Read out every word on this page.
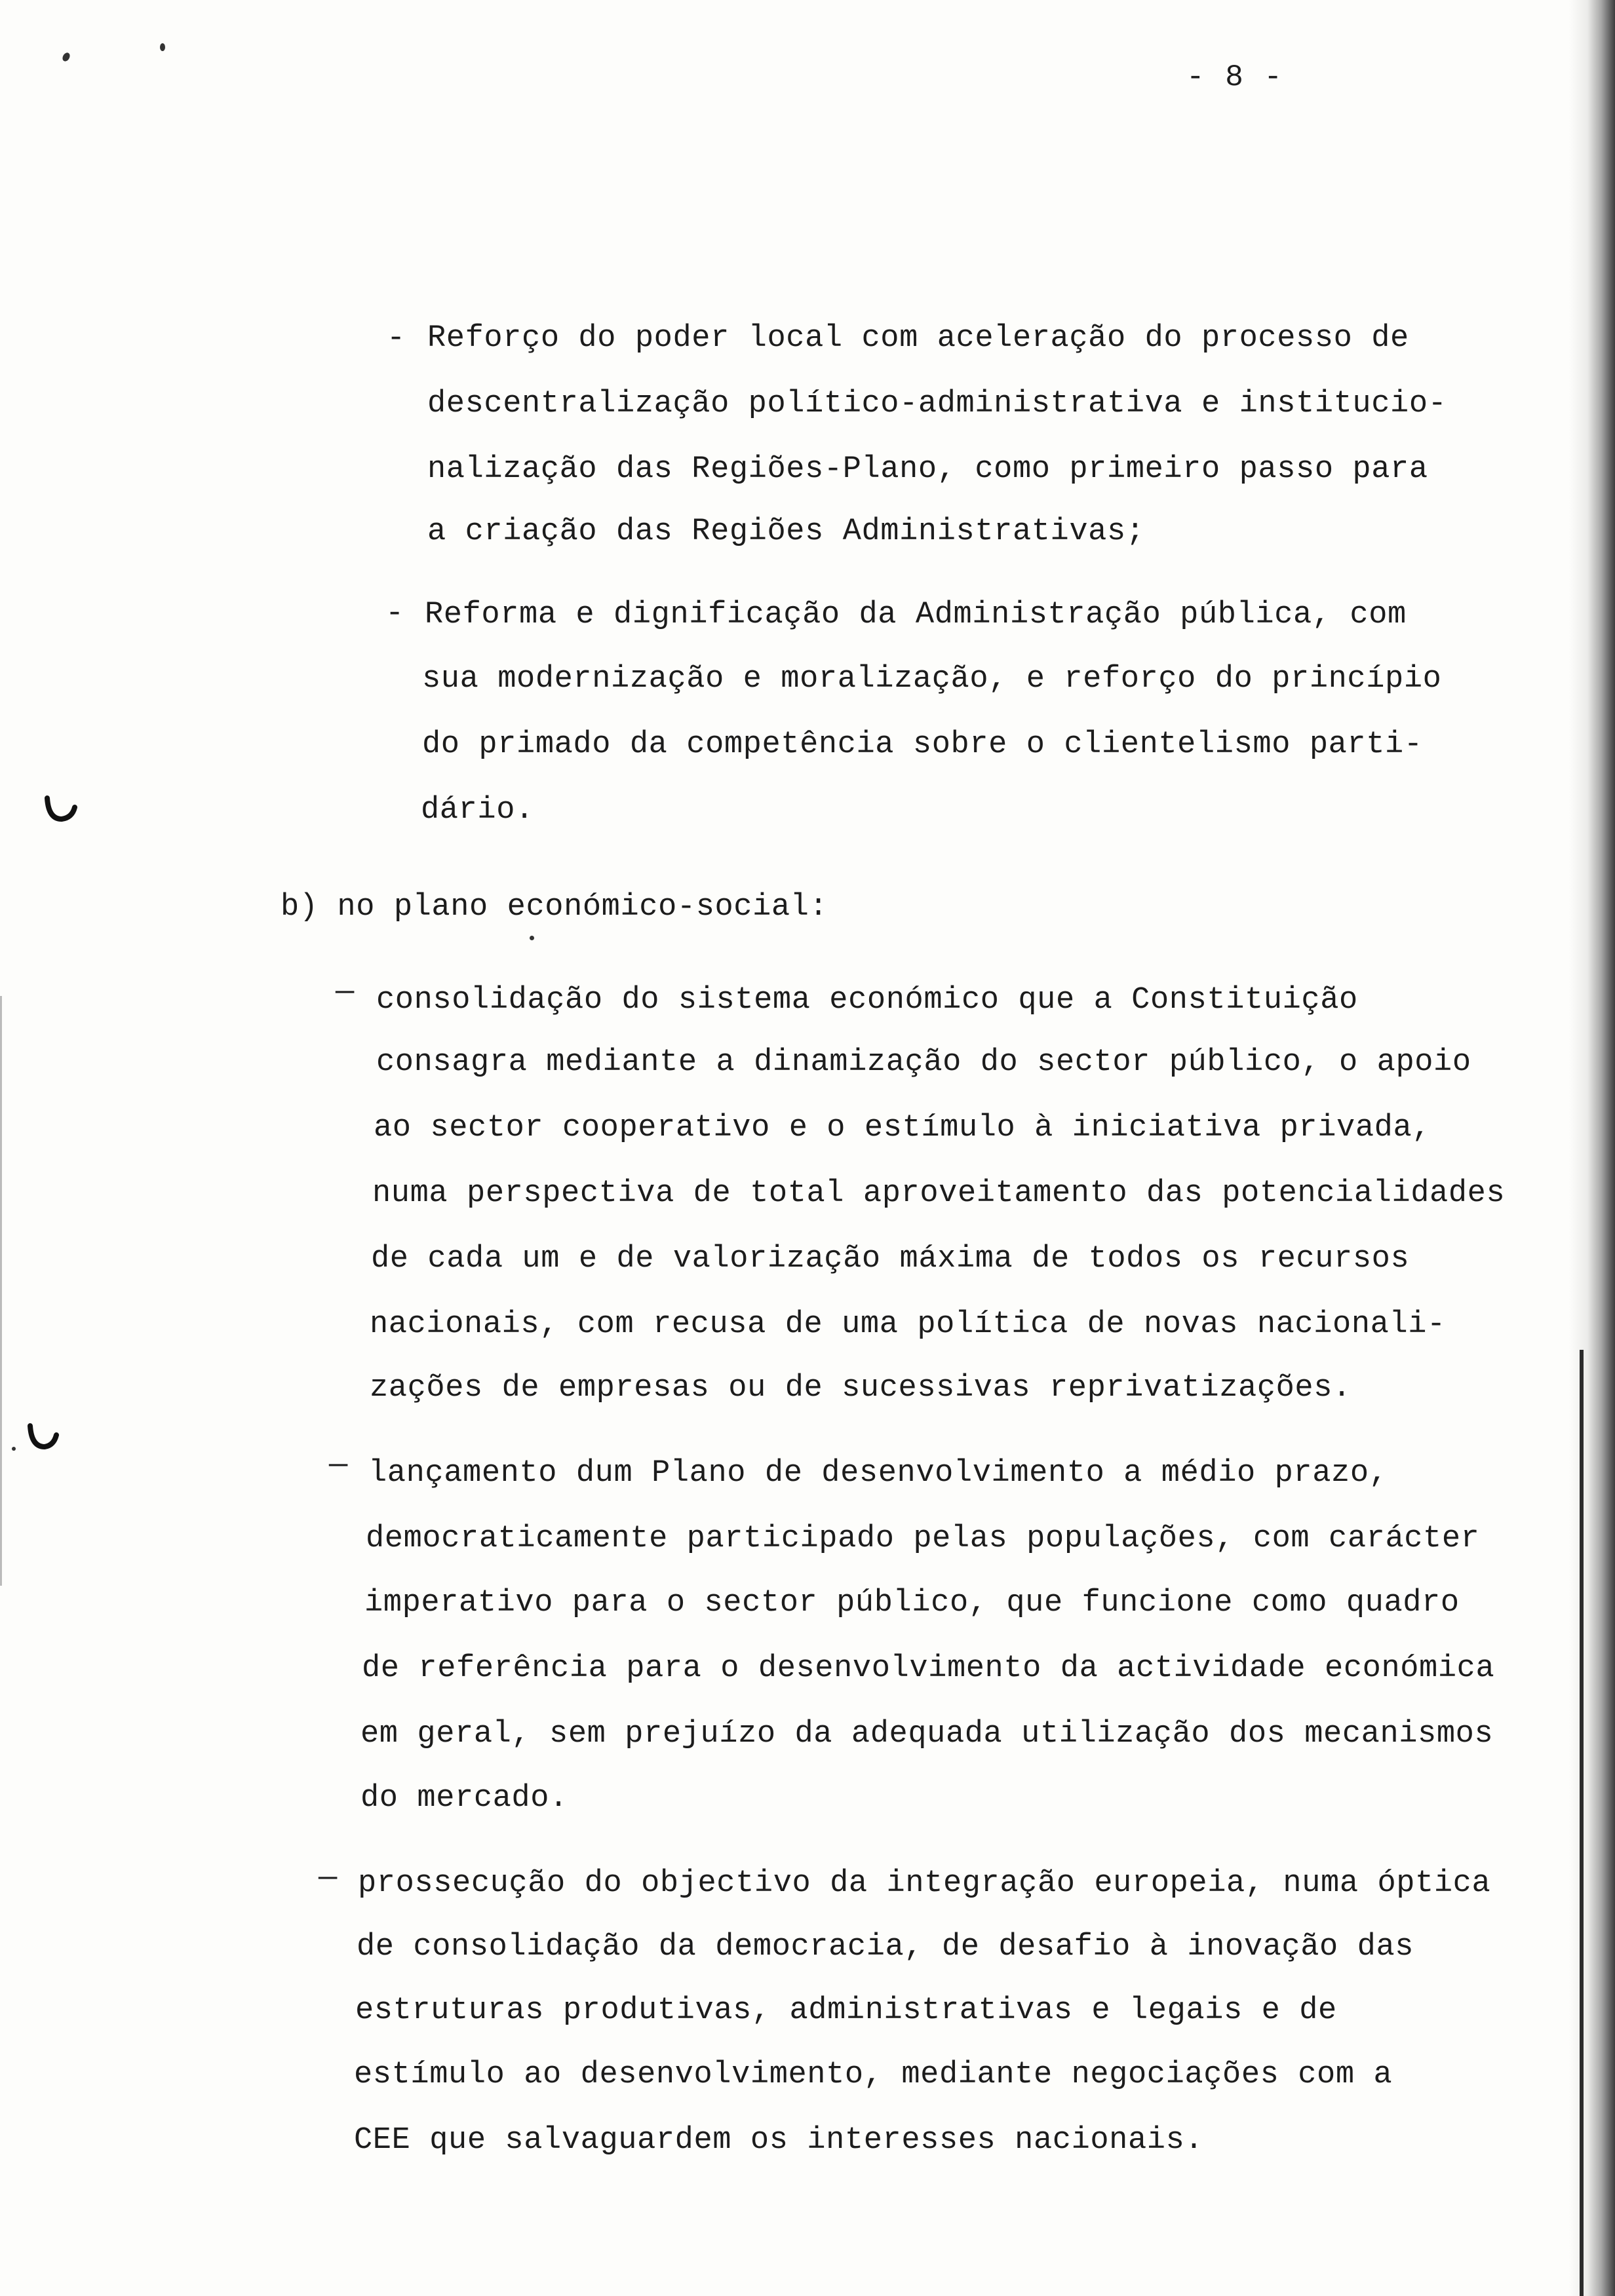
- 8 -
- Reforço do poder local com aceleração do processo de
descentralização político-administrativa e institucio-
nalização das Regiões-Plano, como primeiro passo para
a criação das Regiões Administrativas;
- Reforma e dignificação da Administração pública, com
sua modernização e moralização, e reforço do princípio
do primado da competência sobre o clientelismo parti-
dário.
b) no plano económico-social:
— consolidação do sistema económico que a Constituição
consagra mediante a dinamização do sector público, o apoio
ao sector cooperativo e o estímulo à iniciativa privada,
numa perspectiva de total aproveitamento das potencialidades
de cada um e de valorização máxima de todos os recursos
nacionais, com recusa de uma política de novas nacionali-
zações de empresas ou de sucessivas reprivatizações.
— lançamento dum Plano de desenvolvimento a médio prazo,
democraticamente participado pelas populações, com carácter
imperativo para o sector público, que funcione como quadro
de referência para o desenvolvimento da actividade económica
em geral, sem prejuízo da adequada utilização dos mecanismos
do mercado.
— prossecução do objectivo da integração europeia, numa óptica
de consolidação da democracia, de desafio à inovação das
estruturas produtivas, administrativas e legais e de
estímulo ao desenvolvimento, mediante negociações com a
CEE que salvaguardem os interesses nacionais.
